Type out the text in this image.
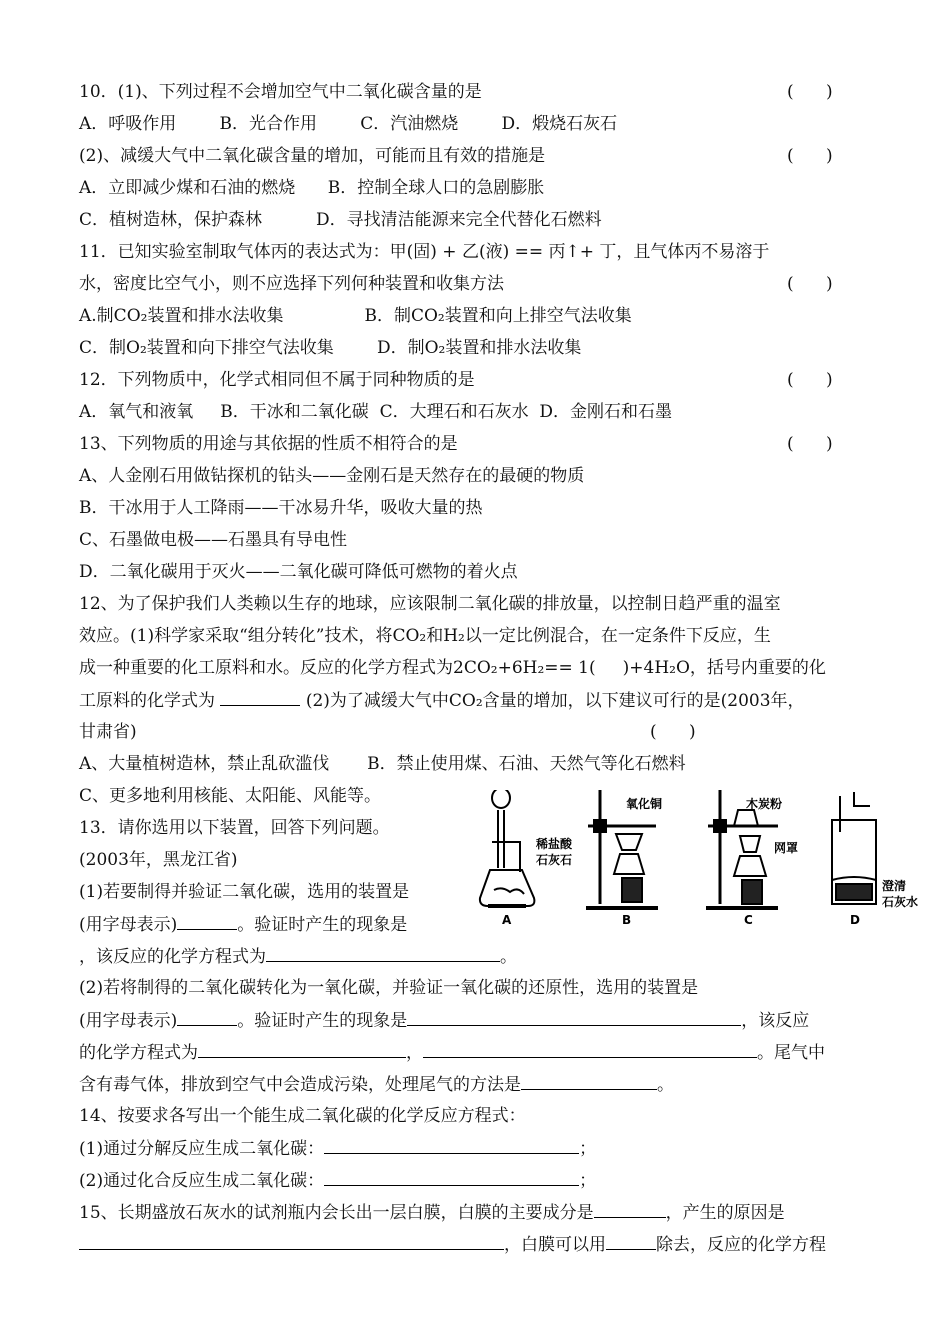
10．(1)、下列过程不会增加空气中二氧化碳含量的是	(      )
A．呼吸作用        B．光合作用        C．汽油燃烧        D．煅烧石灰石
(2)、减缓大气中二氧化碳含量的增加，可能而且有效的措施是	(      )
A．立即减少煤和石油的燃烧      B．控制全球人口的急剧膨胀
C．植树造林，保护森林          D．寻找清洁能源来完全代替化石燃料
11．已知实验室制取气体丙的表达式为：甲(固) + 乙(液) == 丙↑+ 丁，且气体丙不易溶于
水，密度比空气小，则不应选择下列何种装置和收集方法	(      )
A.制CO₂装置和排水法收集               B．制CO₂装置和向上排空气法收集
C．制O₂装置和向下排空气法收集        D．制O₂装置和排水法收集
12．下列物质中，化学式相同但不属于同种物质的是	(      )
A．氧气和液氧     B．干冰和二氧化碳  C．大理石和石灰水  D．金刚石和石墨
13、下列物质的用途与其依据的性质不相符合的是	(      )
A、人金刚石用做钻探机的钻头——金刚石是天然存在的最硬的物质
B．干冰用于人工降雨——干冰易升华，吸收大量的热
C、石墨做电极——石墨具有导电性
D．二氧化碳用于灭火——二氧化碳可降低可燃物的着火点
12、为了保护我们人类赖以生存的地球，应该限制二氧化碳的排放量，以控制日趋严重的温室
效应。(1)科学家采取“组分转化”技术，将CO₂和H₂以一定比例混合，在一定条件下反应，生
成一种重要的化工原料和水。反应的化学方程式为2CO₂+6H₂== 1(     )+4H₂O，括号内重要的化
工原料的化学式为	(2)为了减缓大气中CO₂含量的增加，以下建议可行的是(2003年，
甘肃省)	(      )
A、大量植树造林，禁止乱砍滥伐       B．禁止使用煤、石油、天然气等化石燃料
C、更多地利用核能、太阳能、风能等。
13．请你选用以下装置，回答下列问题。
(2003年，黑龙江省)
(1)若要制得并验证二氧化碳，选用的装置是
(用字母表示)	。验证时产生的现象是
，该反应的化学方程式为	。
(2)若将制得的二氧化碳转化为一氧化碳，并验证一氧化碳的还原性，选用的装置是
(用字母表示)	。验证时产生的现象是	，该反应
的化学方程式为	，	。尾气中
含有毒气体，排放到空气中会造成污染，处理尾气的方法是	。
14、按要求各写出一个能生成二氧化碳的化学反应方程式：
(1)通过分解反应生成二氧化碳：	；
(2)通过化合反应生成二氧化碳：	；
15、长期盛放石灰水的试剂瓶内会长出一层白膜，白膜的主要成分是	，产生的原因是
，白膜可以用	除去，反应的化学方程
稀盐酸
石灰石
氧化铜	木炭粉
网罩
澄清
石灰水
A	B	C	D
